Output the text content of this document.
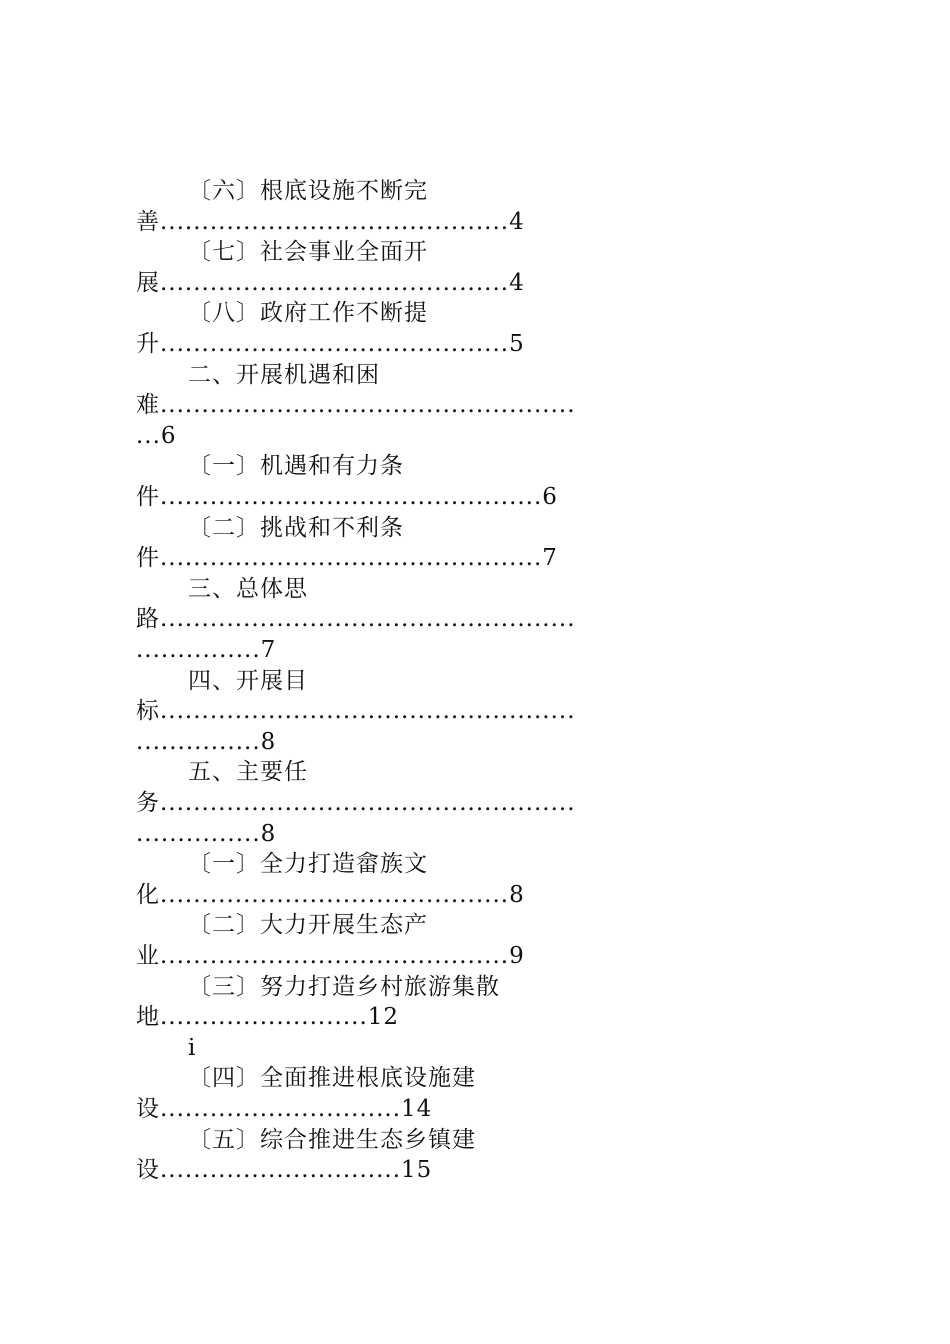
〔六〕根底设施不断完
善..........................................4
〔七〕社会事业全面开
展..........................................4
〔八〕政府工作不断提
升..........................................5
二、开展机遇和困
难..................................................
...6
〔一〕机遇和有力条
件..............................................6
〔二〕挑战和不利条
件..............................................7
三、总体思
路..................................................
...............7
四、开展目
标..................................................
...............8
五、主要任
务..................................................
...............8
〔一〕全力打造畲族文
化..........................................8
〔二〕大力开展生态产
业..........................................9
〔三〕努力打造乡村旅游集散
地.........................12
i
〔四〕全面推进根底设施建
设.............................14
〔五〕综合推进生态乡镇建
设.............................15
